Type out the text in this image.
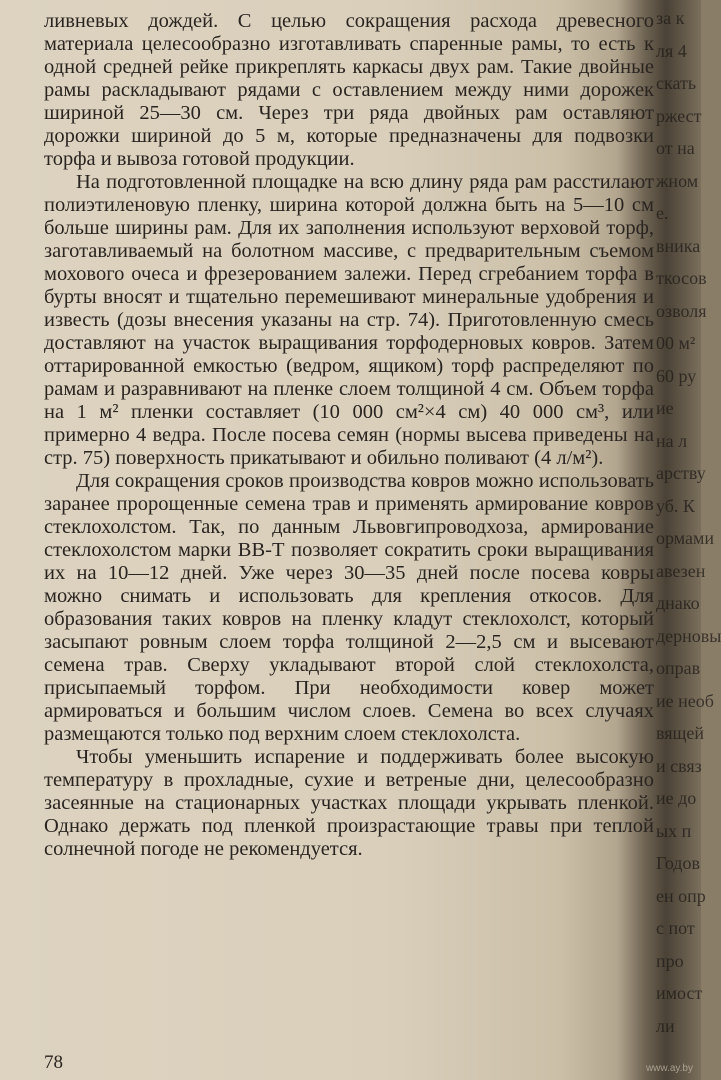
ливневых дождей. С целью сокращения расхода древесного материала целесообразно изготавливать спаренные рамы, то есть к одной средней рейке прикреплять каркасы двух рам. Такие двойные рамы раскладывают рядами с оставлением между ними дорожек шириной 25—30 см. Через три ряда двойных рам оставляют дорожки шириной до 5 м, которые предназначены для подвозки торфа и вывоза готовой продукции.

На подготовленной площадке на всю длину ряда рам расстилают полиэтиленовую пленку, ширина которой должна быть на 5—10 см больше ширины рам. Для их заполнения используют верховой торф, заготавливаемый на болотном массиве, с предварительным съемом мохового очеса и фрезерованием залежи. Перед сгребанием торфа в бурты вносят и тщательно перемешивают минеральные удобрения и известь (дозы внесения указаны на стр. 74). Приготовленную смесь доставляют на участок выращивания торфодерновых ковров. Затем оттарированной емкостью (ведром, ящиком) торф распределяют по рамам и разравнивают на пленке слоем толщиной 4 см. Объем торфа на 1 м² пленки составляет (10 000 см²×4 см) 40 000 см³, или примерно 4 ведра. После посева семян (нормы высева приведены на стр. 75) поверхность прикатывают и обильно поливают (4 л/м²).

Для сокращения сроков производства ковров можно использовать заранее пророщенные семена трав и применять армирование ковров стеклохолстом. Так, по данным Львовгипроводхоза, армирование стеклохолстом марки ВВ-Т позволяет сократить сроки выращивания их на 10—12 дней. Уже через 30—35 дней после посева ковры можно снимать и использовать для крепления откосов. Для образования таких ковров на пленку кладут стеклохолст, который засыпают ровным слоем торфа толщиной 2—2,5 см и высевают семена трав. Сверху укладывают второй слой стеклохолста, присыпаемый торфом. При необходимости ковер может армироваться и большим числом слоев. Семена во всех случаях размещаются только под верхним слоем стеклохолста.

Чтобы уменьшить испарение и поддерживать более высокую температуру в прохладные, сухие и ветреные дни, целесообразно засеянные на стационарных участках площади укрывать пленкой. Однако держать под пленкой произрастающие травы при теплой солнечной погоде не рекомендуется.

78
за к
ля 4
скать
ржест
от на
жном
е.
вника
ткосов
озволя
00 м²
60 ру
ие
на л
арству
уб. К
ормами
авезен
днако
дерновы
оправ
ие необ
вящей
и связ
ие до
ых п
Годов
ен опр
с пот
про
имост
ли
www.ay.by
